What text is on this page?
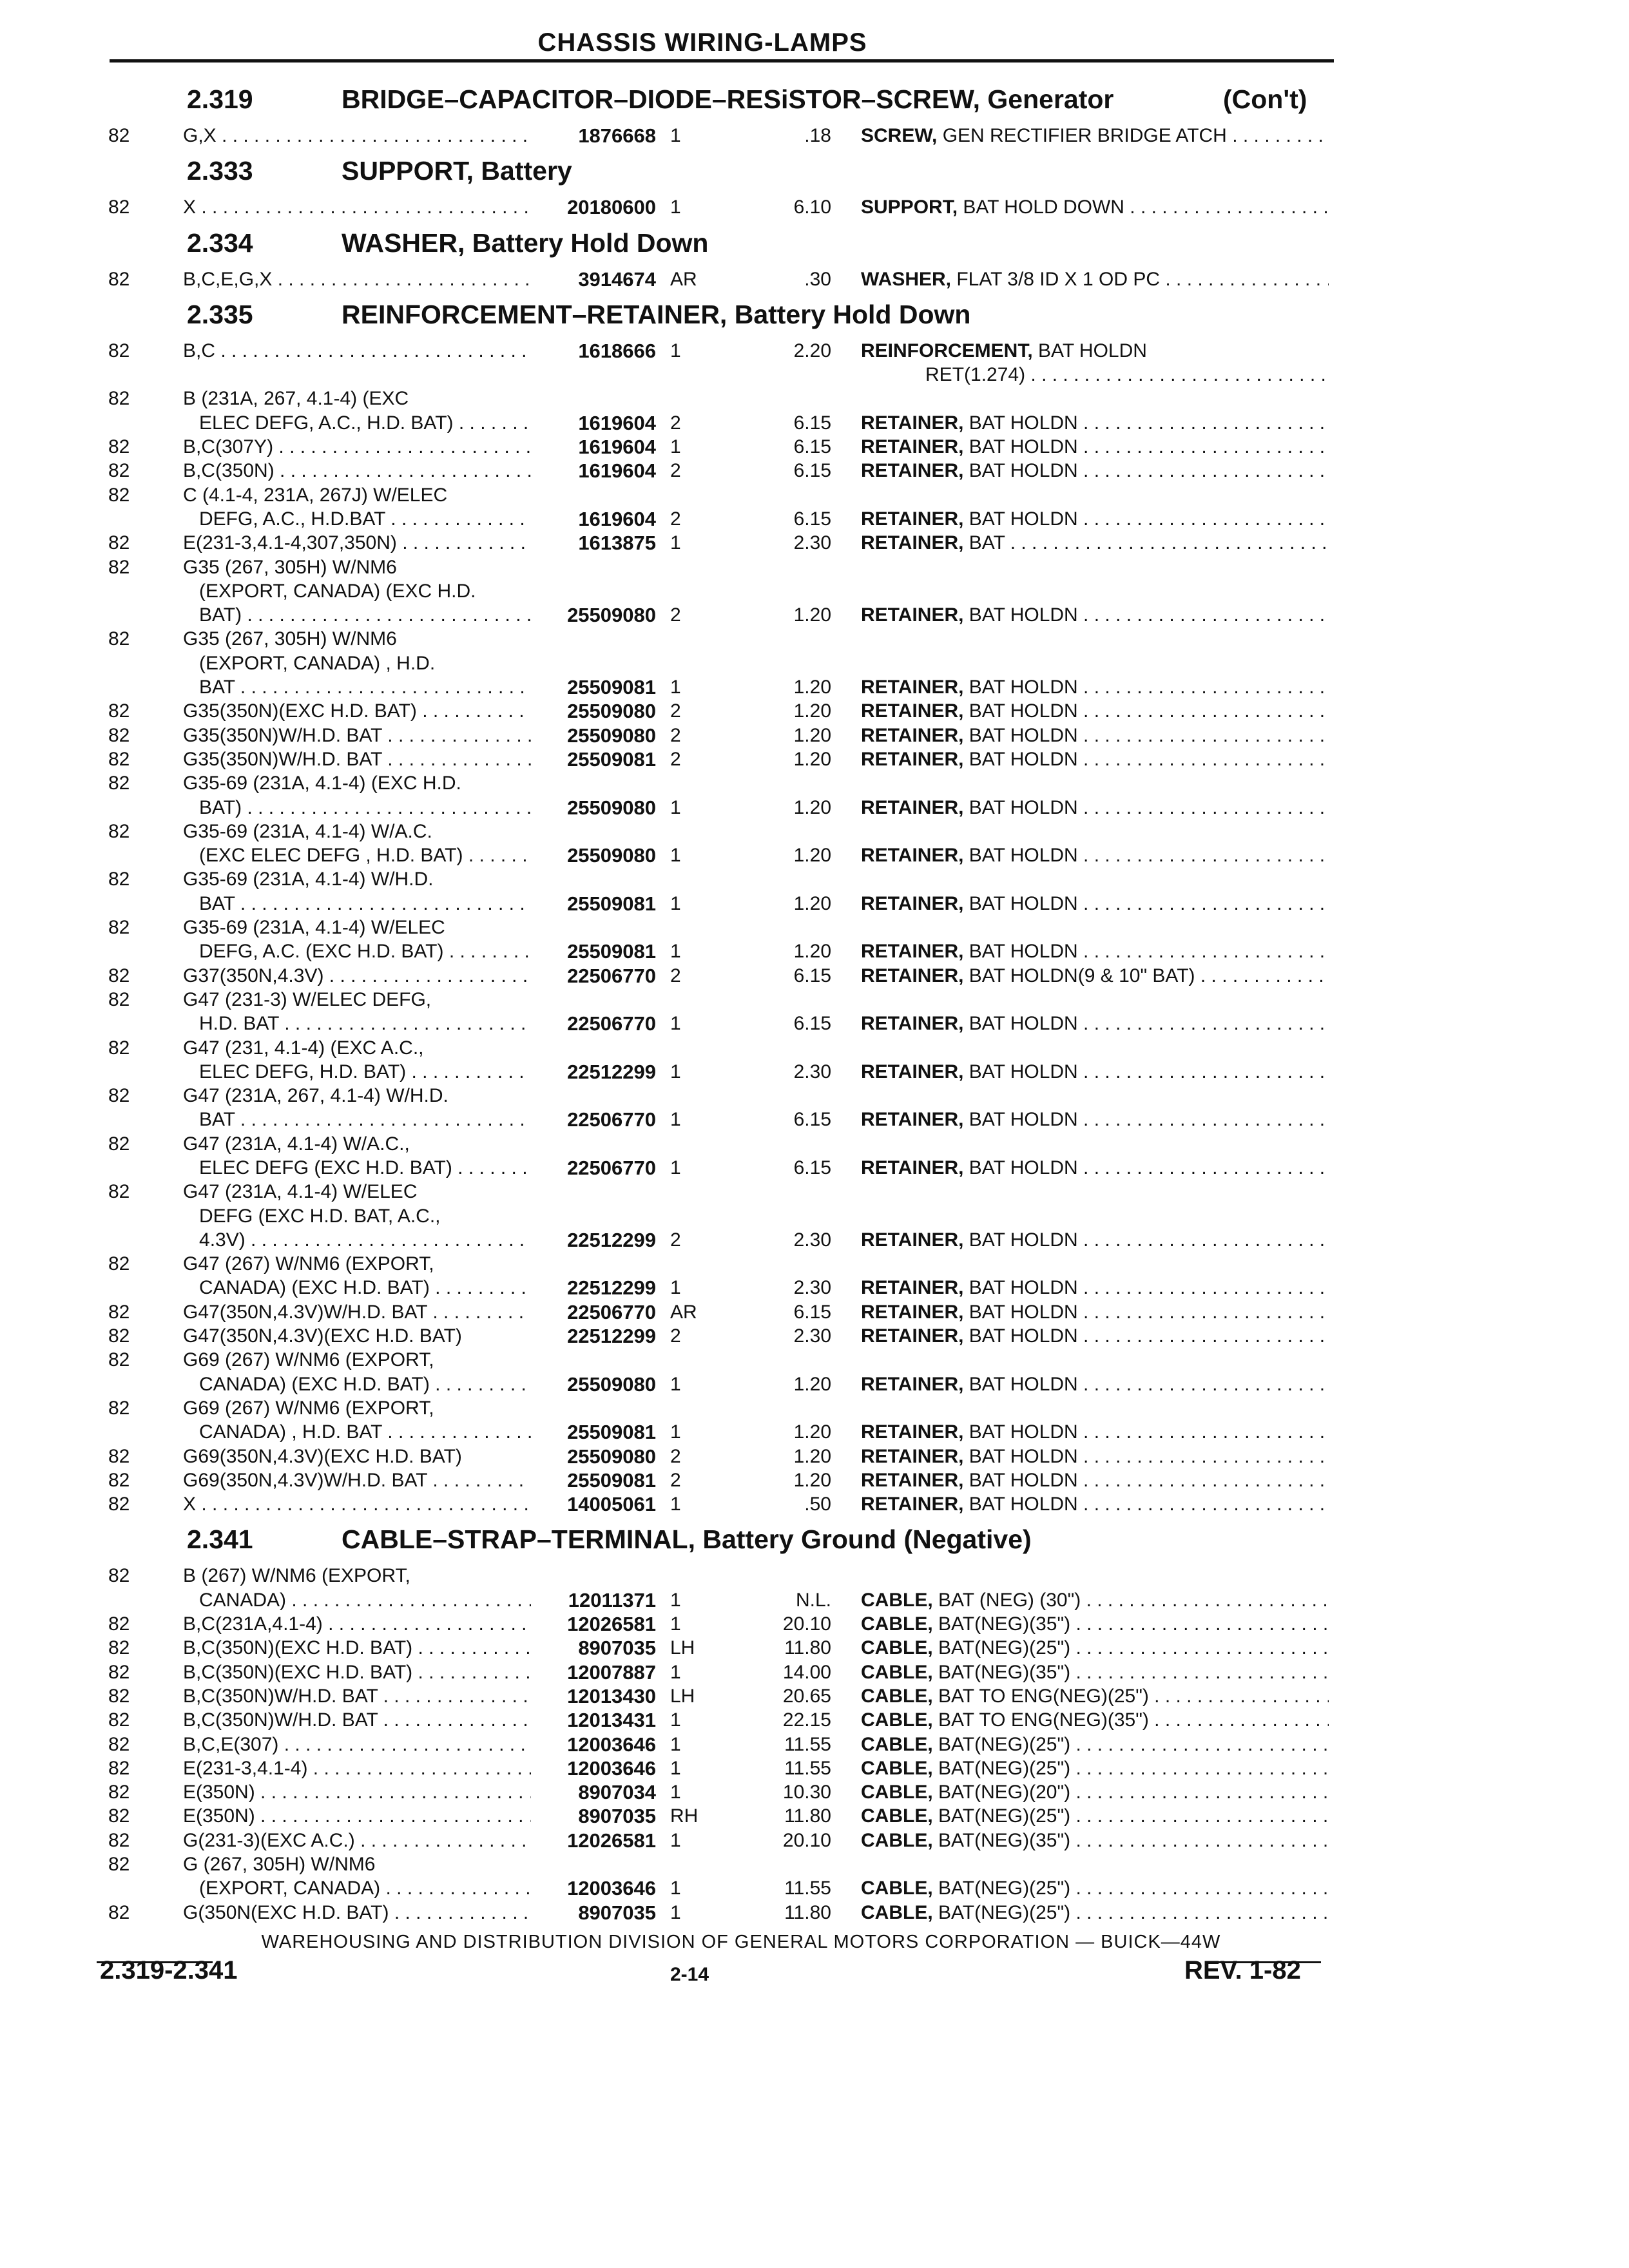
CHASSIS WIRING-LAMPS
2.319	BRIDGE–CAPACITOR–DIODE–RESiSTOR–SCREW, Generator	(Con't)
82	G,X . . .	1876668 1	.18 SCREW, GEN RECTIFIER BRIDGE ATCH . . .
2.333	SUPPORT, Battery
82	X . . .	20180600 1	6.10 SUPPORT, BAT HOLD DOWN . . .
2.334	WASHER, Battery Hold Down
82	B,C,E,G,X . . .	3914674 AR	.30 WASHER, FLAT 3/8 ID X 1 OD PC . . .
2.335	REINFORCEMENT–RETAINER, Battery Hold Down
82	B,C . . .	1618666 1	2.20 REINFORCEMENT, BAT HOLDN
RET(1.274) . . .
82	B (231A, 267, 4.1-4) (EXC
ELEC DEFG, A.C., H.D. BAT) . . .	1619604 2	6.15 RETAINER, BAT HOLDN . . .
82	B,C(307Y) . . .	1619604 1	6.15 RETAINER, BAT HOLDN . . .
82	B,C(350N) . . .	1619604 2	6.15 RETAINER, BAT HOLDN . . .
82	C (4.1-4, 231A, 267J) W/ELEC
DEFG, A.C., H.D.BAT . . .	1619604 2	6.15 RETAINER, BAT HOLDN . . .
82	E(231-3,4.1-4,307,350N) . . .	1613875 1	2.30 RETAINER, BAT . . .
82	G35 (267, 305H) W/NM6
(EXPORT, CANADA) (EXC H.D.
BAT) . . .	25509080 2	1.20 RETAINER, BAT HOLDN . . .
82	G35 (267, 305H) W/NM6
(EXPORT, CANADA) , H.D.
BAT . . .	25509081 1	1.20 RETAINER, BAT HOLDN . . .
82	G35(350N)(EXC H.D. BAT) . . .	25509080 2	1.20 RETAINER, BAT HOLDN . . .
82	G35(350N)W/H.D. BAT . . .	25509080 2	1.20 RETAINER, BAT HOLDN . . .
82	G35(350N)W/H.D. BAT . . .	25509081 2	1.20 RETAINER, BAT HOLDN . . .
82	G35-69 (231A, 4.1-4) (EXC H.D.
BAT) . . .	25509080 1	1.20 RETAINER, BAT HOLDN . . .
82	G35-69 (231A, 4.1-4) W/A.C.
(EXC ELEC DEFG , H.D. BAT) . . .	25509080 1	1.20 RETAINER, BAT HOLDN . . .
82	G35-69 (231A, 4.1-4) W/H.D.
BAT . . .	25509081 1	1.20 RETAINER, BAT HOLDN . . .
82	G35-69 (231A, 4.1-4) W/ELEC
DEFG, A.C. (EXC H.D. BAT) . . .	25509081 1	1.20 RETAINER, BAT HOLDN . . .
82	G37(350N,4.3V) . . .	22506770 2	6.15 RETAINER, BAT HOLDN(9 & 10" BAT) . . .
82	G47 (231-3) W/ELEC DEFG,
H.D. BAT . . .	22506770 1	6.15 RETAINER, BAT HOLDN . . .
82	G47 (231, 4.1-4) (EXC A.C.,
ELEC DEFG, H.D. BAT) . . .	22512299 1	2.30 RETAINER, BAT HOLDN . . .
82	G47 (231A, 267, 4.1-4) W/H.D.
BAT . . .	22506770 1	6.15 RETAINER, BAT HOLDN . . .
82	G47 (231A, 4.1-4) W/A.C.,
ELEC DEFG (EXC H.D. BAT) . . .	22506770 1	6.15 RETAINER, BAT HOLDN . . .
82	G47 (231A, 4.1-4) W/ELEC
DEFG (EXC H.D. BAT, A.C.,
4.3V) . . .	22512299 2	2.30 RETAINER, BAT HOLDN . . .
82	G47 (267) W/NM6 (EXPORT,
CANADA) (EXC H.D. BAT) . . .	22512299 1	2.30 RETAINER, BAT HOLDN . . .
82	G47(350N,4.3V)W/H.D. BAT . . .	22506770 AR	6.15 RETAINER, BAT HOLDN . . .
82	G47(350N,4.3V)(EXC H.D. BAT)	22512299 2	2.30 RETAINER, BAT HOLDN . . .
82	G69 (267) W/NM6 (EXPORT,
CANADA) (EXC H.D. BAT) . . .	25509080 1	1.20 RETAINER, BAT HOLDN . . .
82	G69 (267) W/NM6 (EXPORT,
CANADA) , H.D. BAT . . .	25509081 1	1.20 RETAINER, BAT HOLDN . . .
82	G69(350N,4.3V)(EXC H.D. BAT)	25509080 2	1.20 RETAINER, BAT HOLDN . . .
82	G69(350N,4.3V)W/H.D. BAT . . .	25509081 2	1.20 RETAINER, BAT HOLDN . . .
82	X . . .	14005061 1	.50 RETAINER, BAT HOLDN . . .
2.341	CABLE–STRAP–TERMINAL, Battery Ground (Negative)
82	B (267) W/NM6 (EXPORT,
CANADA) . . .	12011371 1	N.L. CABLE, BAT (NEG) (30") . . .
82	B,C(231A,4.1-4) . . .	12026581 1	20.10 CABLE, BAT(NEG)(35") . . .
82	B,C(350N)(EXC H.D. BAT) . . .	8907035 LH	11.80 CABLE, BAT(NEG)(25") . . .
82	B,C(350N)(EXC H.D. BAT) . . .	12007887 1	14.00 CABLE, BAT(NEG)(35") . . .
82	B,C(350N)W/H.D. BAT . . .	12013430 LH	20.65 CABLE, BAT TO ENG(NEG)(25") . . .
82	B,C(350N)W/H.D. BAT . . .	12013431 1	22.15 CABLE, BAT TO ENG(NEG)(35") . . .
82	B,C,E(307) . . .	12003646 1	11.55 CABLE, BAT(NEG)(25") . . .
82	E(231-3,4.1-4) . . .	12003646 1	11.55 CABLE, BAT(NEG)(25") . . .
82	E(350N) . . .	8907034 1	10.30 CABLE, BAT(NEG)(20") . . .
82	E(350N) . . .	8907035 RH	11.80 CABLE, BAT(NEG)(25") . . .
82	G(231-3)(EXC A.C.) . . .	12026581 1	20.10 CABLE, BAT(NEG)(35") . . .
82	G (267, 305H) W/NM6
(EXPORT, CANADA) . . .	12003646 1	11.55 CABLE, BAT(NEG)(25") . . .
82	G(350N(EXC H.D. BAT) . . .	8907035 1	11.80 CABLE, BAT(NEG)(25") . . .
WAREHOUSING AND DISTRIBUTION DIVISION OF GENERAL MOTORS CORPORATION — BUICK—44W
2.319-2.341	2-14	REV. 1-82
